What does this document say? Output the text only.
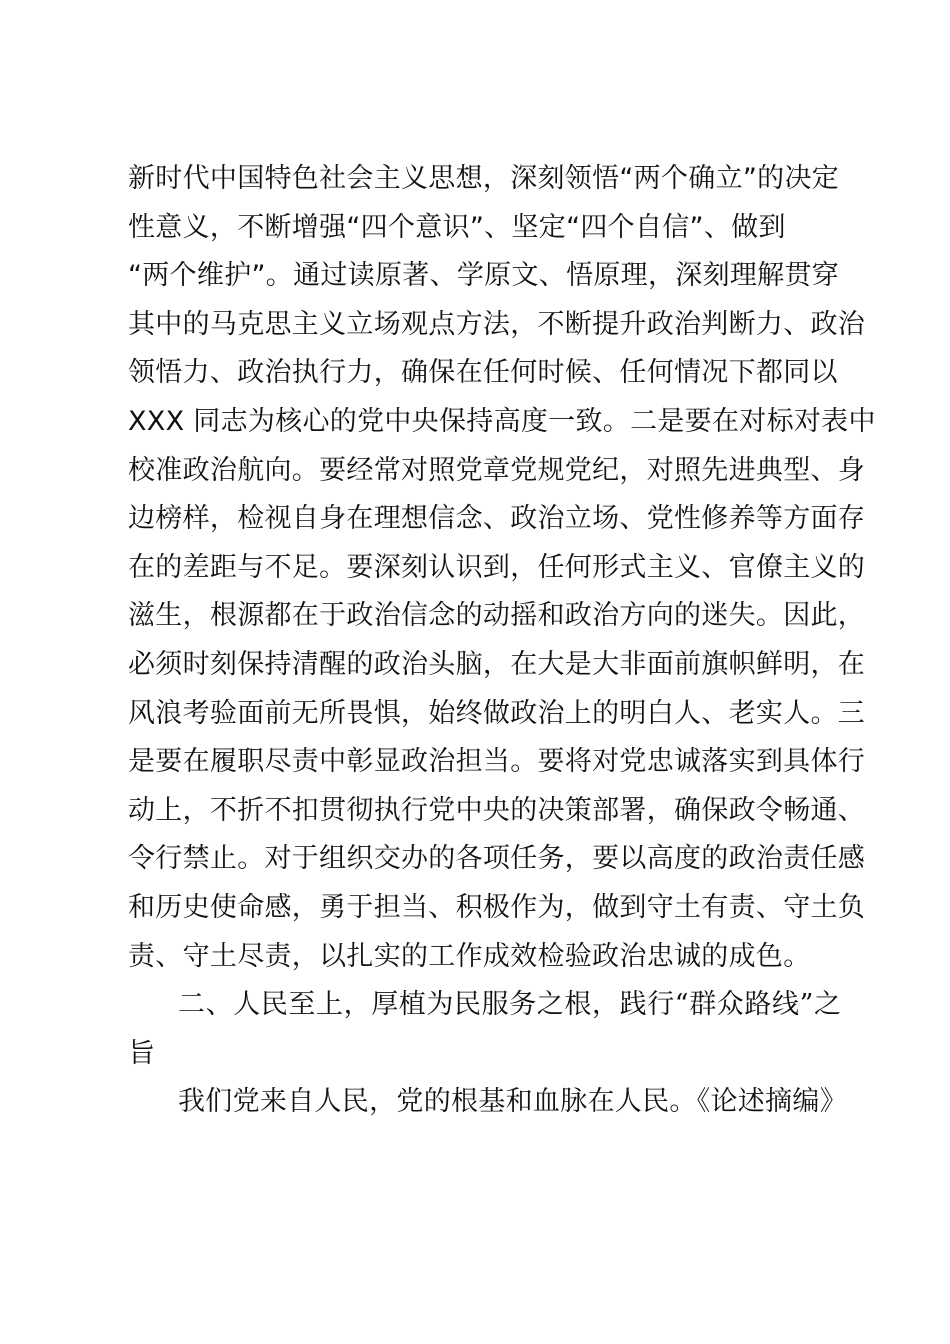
新时代中国特色社会主义思想，深刻领悟“两个确立”的决定
性意义，不断增强“四个意识”、坚定“四个自信”、做到
“两个维护”。通过读原著、学原文、悟原理，深刻理解贯穿
其中的马克思主义立场观点方法，不断提升政治判断力、政治
领悟力、政治执行力，确保在任何时候、任何情况下都同以
XXX 同志为核心的党中央保持高度一致。二是要在对标对表中
校准政治航向。要经常对照党章党规党纪，对照先进典型、身
边榜样，检视自身在理想信念、政治立场、党性修养等方面存
在的差距与不足。要深刻认识到，任何形式主义、官僚主义的
滋生，根源都在于政治信念的动摇和政治方向的迷失。因此，
必须时刻保持清醒的政治头脑，在大是大非面前旗帜鲜明，在
风浪考验面前无所畏惧，始终做政治上的明白人、老实人。三
是要在履职尽责中彰显政治担当。要将对党忠诚落实到具体行
动上，不折不扣贯彻执行党中央的决策部署，确保政令畅通、
令行禁止。对于组织交办的各项任务，要以高度的政治责任感
和历史使命感，勇于担当、积极作为，做到守土有责、守土负
责、守土尽责，以扎实的工作成效检验政治忠诚的成色。
二、人民至上，厚植为民服务之根，践行“群众路线”之
旨
我们党来自人民，党的根基和血脉在人民。《论述摘编》
